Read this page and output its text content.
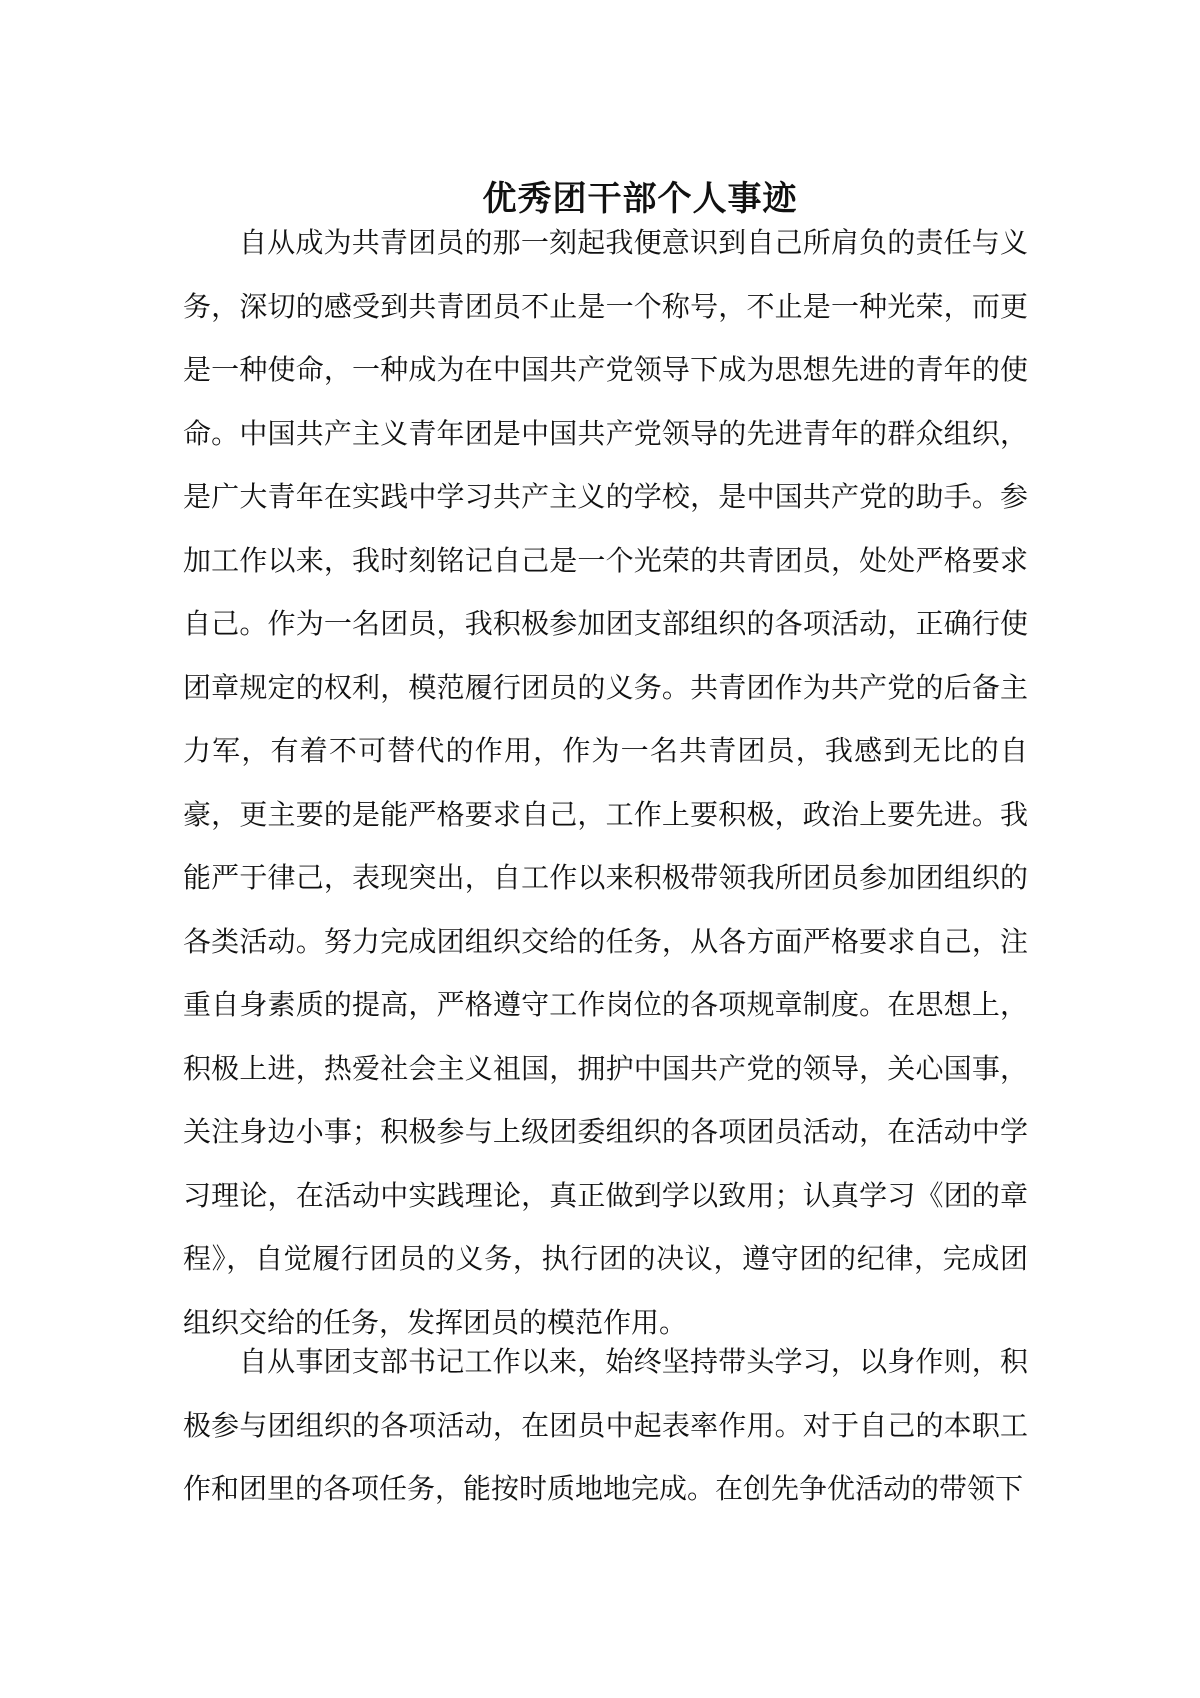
优秀团干部个人事迹

自从成为共青团员的那一刻起我便意识到自己所肩负的责任与义务，深切的感受到共青团员不止是一个称号，不止是一种光荣，而更是一种使命，一种成为在中国共产党领导下成为思想先进的青年的使命。中国共产主义青年团是中国共产党领导的先进青年的群众组织，是广大青年在实践中学习共产主义的学校，是中国共产党的助手。参加工作以来，我时刻铭记自己是一个光荣的共青团员，处处严格要求自己。作为一名团员，我积极参加团支部组织的各项活动，正确行使团章规定的权利，模范履行团员的义务。共青团作为共产党的后备主力军，有着不可替代的作用，作为一名共青团员，我感到无比的自豪，更主要的是能严格要求自己，工作上要积极，政治上要先进。我能严于律己，表现突出，自工作以来积极带领我所团员参加团组织的各类活动。努力完成团组织交给的任务，从各方面严格要求自己，注重自身素质的提高，严格遵守工作岗位的各项规章制度。在思想上，积极上进，热爱社会主义祖国，拥护中国共产党的领导，关心国事，关注身边小事；积极参与上级团委组织的各项团员活动，在活动中学习理论，在活动中实践理论，真正做到学以致用；认真学习《团的章程》，自觉履行团员的义务，执行团的决议，遵守团的纪律，完成团组织交给的任务，发挥团员的模范作用。

自从事团支部书记工作以来，始终坚持带头学习，以身作则，积极参与团组织的各项活动，在团员中起表率作用。对于自己的本职工作和团里的各项任务，能按时质地地完成。在创先争优活动的带领下
